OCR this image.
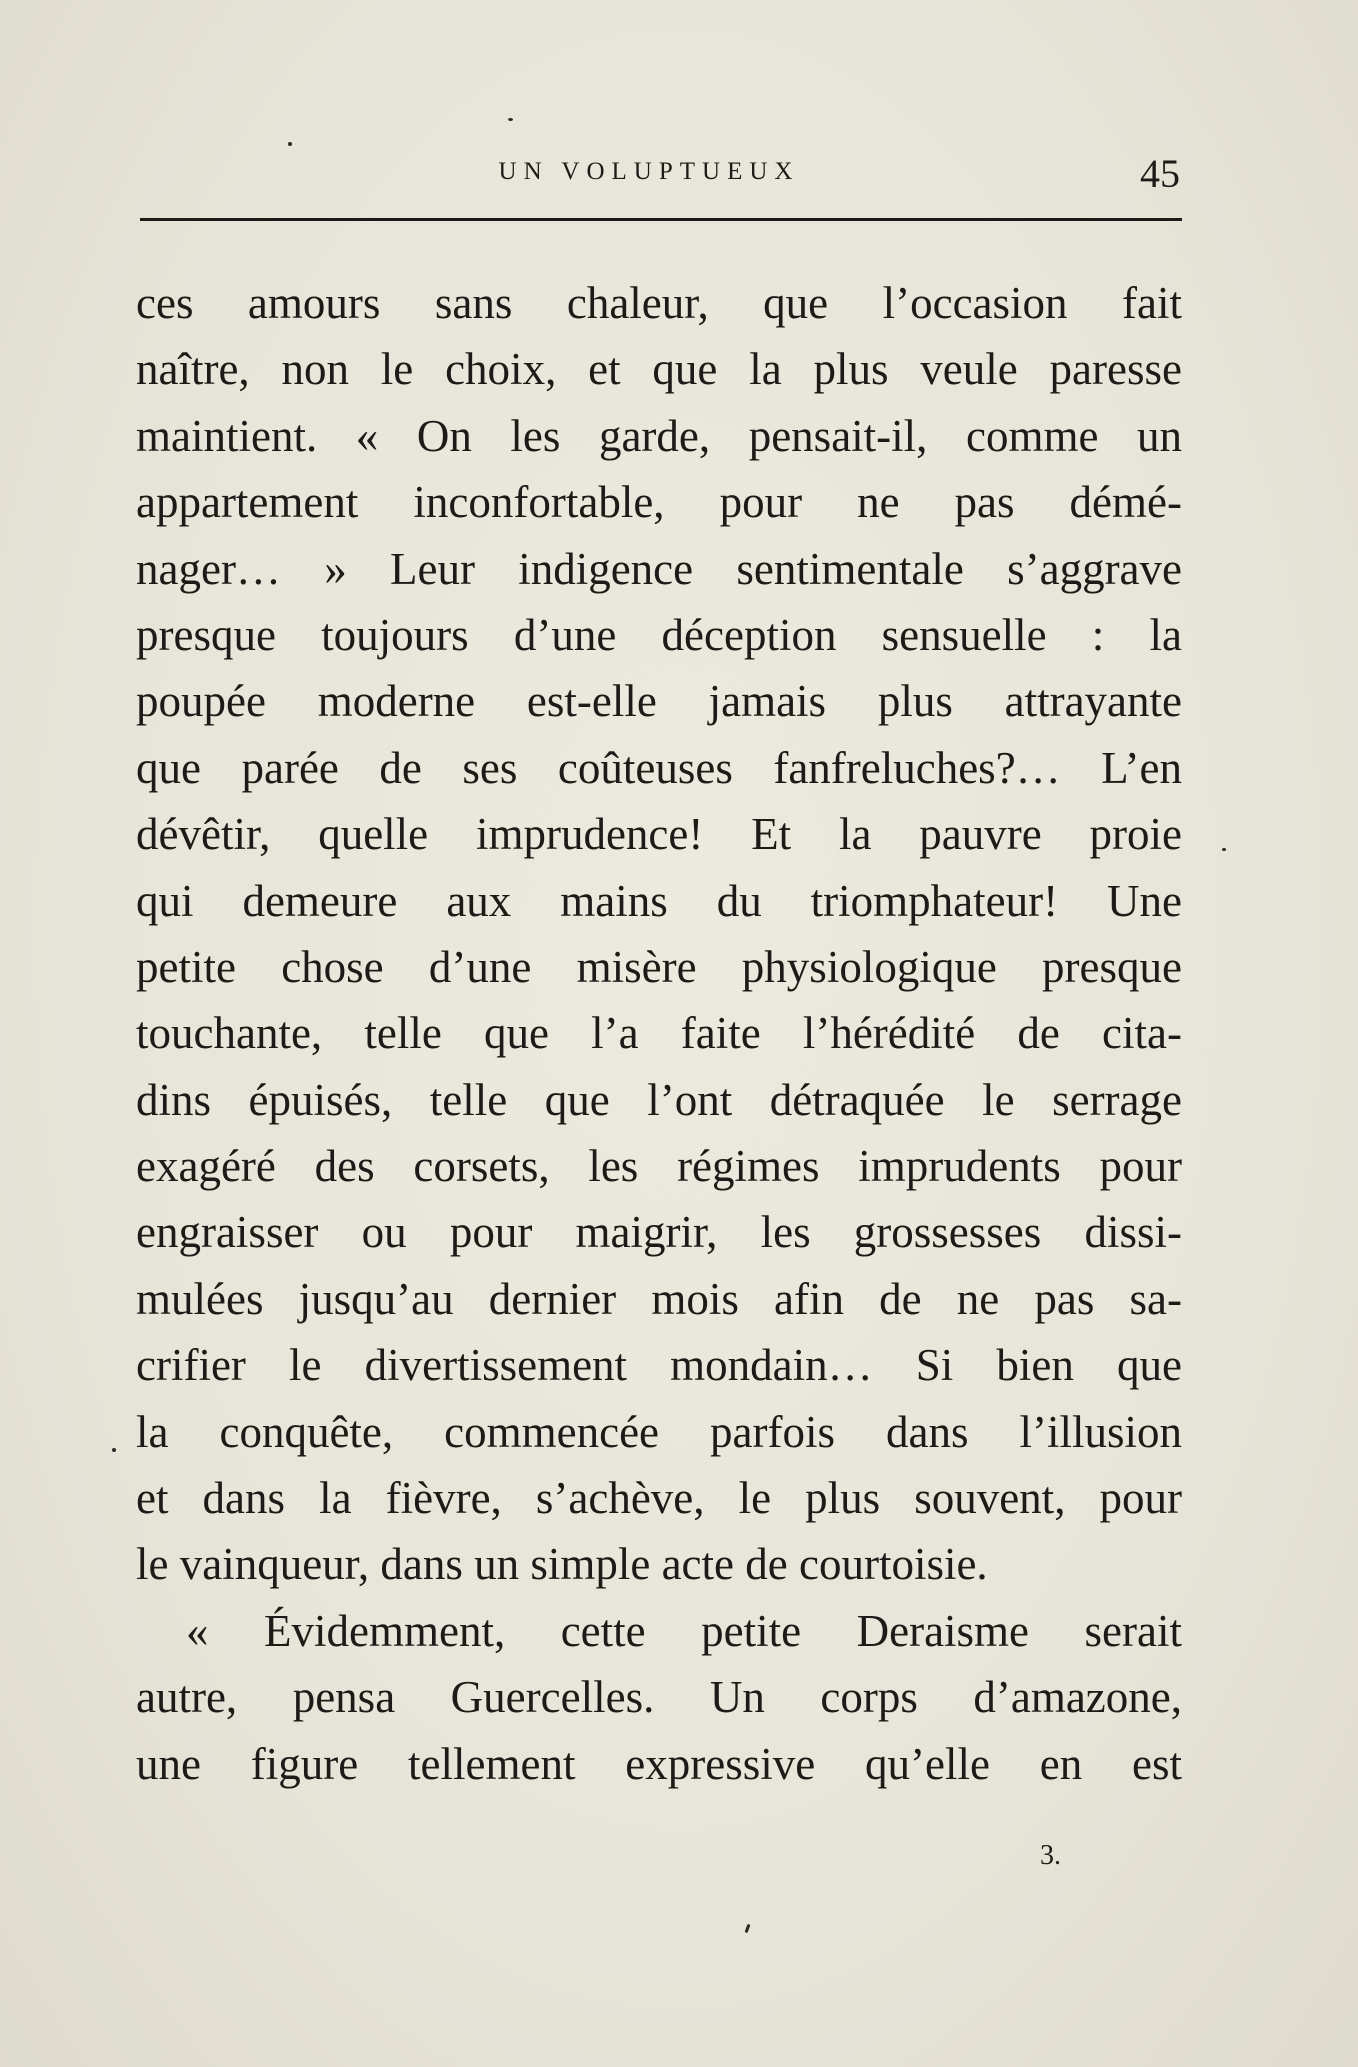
UN VOLUPTUEUX	45
ces amours sans chaleur, que l’occasion fait
naître, non le choix, et que la plus veule paresse
maintient. « On les garde, pensait-il, comme un
appartement inconfortable, pour ne pas démé-
nager… » Leur indigence sentimentale s’aggrave
presque toujours d’une déception sensuelle : la
poupée moderne est-elle jamais plus attrayante
que parée de ses coûteuses fanfreluches?… L’en
dévêtir, quelle imprudence! Et la pauvre proie
qui demeure aux mains du triomphateur! Une
petite chose d’une misère physiologique presque
touchante, telle que l’a faite l’hérédité de cita-
dins épuisés, telle que l’ont détraquée le serrage
exagéré des corsets, les régimes imprudents pour
engraisser ou pour maigrir, les grossesses dissi-
mulées jusqu’au dernier mois afin de ne pas sa-
crifier le divertissement mondain… Si bien que
la conquête, commencée parfois dans l’illusion
et dans la fièvre, s’achève, le plus souvent, pour
le vainqueur, dans un simple acte de courtoisie.
« Évidemment, cette petite Deraisme serait
autre, pensa Guercelles. Un corps d’amazone,
une figure tellement expressive qu’elle en est
3.
